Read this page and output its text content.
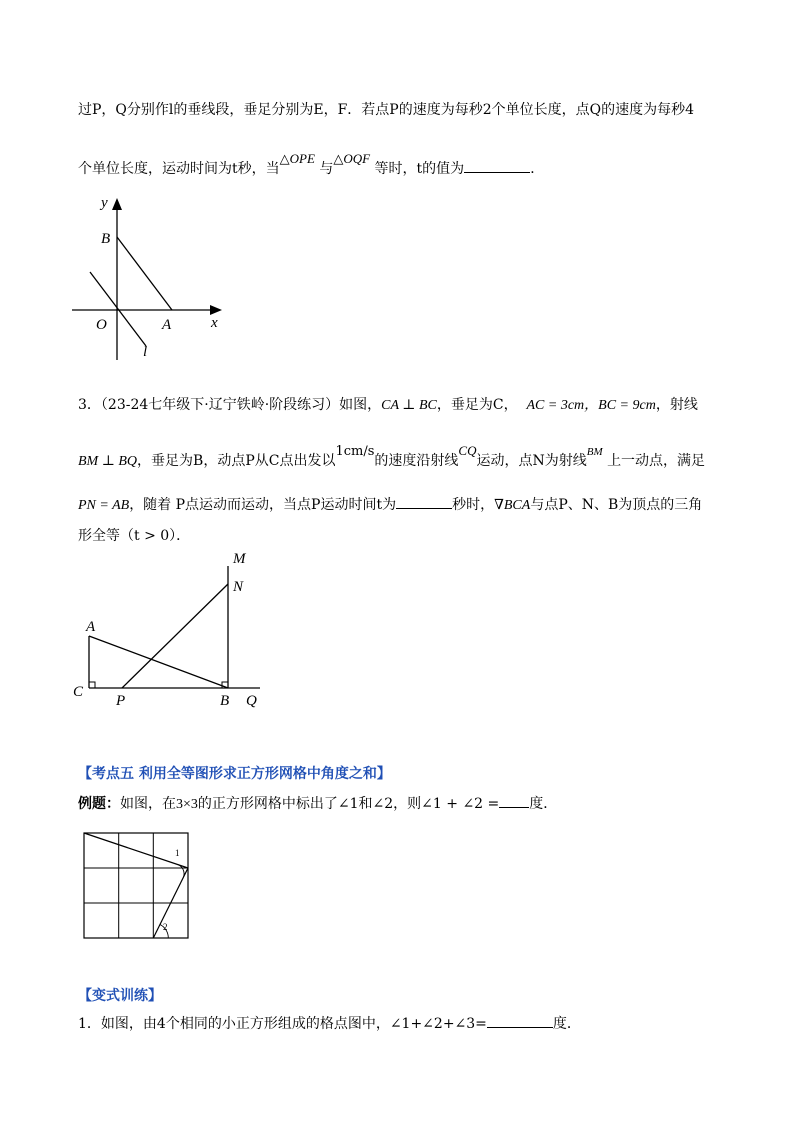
过P，Q分别作l的垂线段，垂足分别为E，F．若点P的速度为每秒2个单位长度，点Q的速度为每秒4
个单位长度，运动时间为t秒，当△OPE 与△OQF 等时，t的值为	．
y
B
O	A	x
l
M
N
A
C
P	B Q
1
2
3．（23-24七年级下·辽宁铁岭·阶段练习）如图，CA ⊥ BC，垂足为C， AC = 3cm，BC = 9cm，射线
BM ⊥ BQ，垂足为B，动点P从C点出发以1cm/s的速度沿射线CQ运动，点N为射线$^{BM}$ 上一动点，满足
PN = AB，随着 P点运动而运动，当点P运动时间t为	秒时，∇BCA与点P、N、B为顶点的三角
形全等（t > 0）．
【考点五 利用全等图形求正方形网格中角度之和】
例题：如图，在3×3的正方形网格中标出了∠1和∠2，则∠1 + ∠2 = 度．
【变式训练】
1．如图，由4个相同的小正方形组成的格点图中，∠1+∠2+∠3=	度．
